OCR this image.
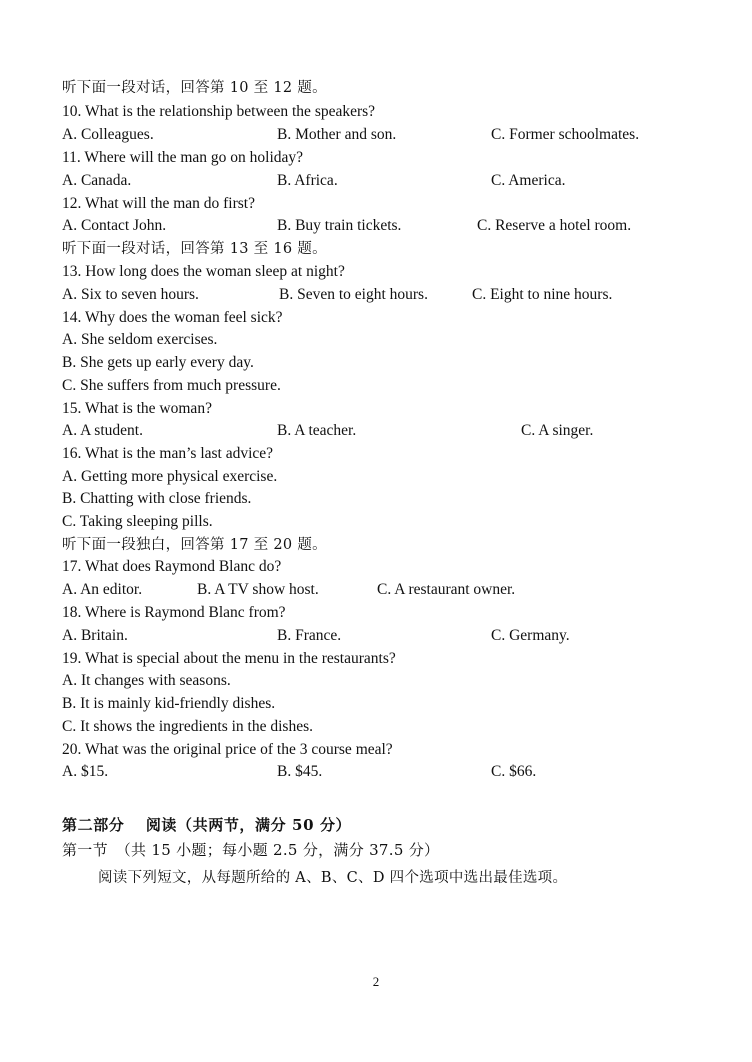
听下面一段对话，回答第 10 至 12 题。
10. What is the relationship between the speakers?
A. Colleagues.	B. Mother and son.	C. Former schoolmates.
11. Where will the man go on holiday?
A. Canada.	B. Africa.	C. America.
12. What will the man do first?
A. Contact John.	B. Buy train tickets.	C. Reserve a hotel room.
听下面一段对话，回答第 13 至 16 题。
13. How long does the woman sleep at night?
A. Six to seven hours.	B. Seven to eight hours.	C. Eight to nine hours.
14. Why does the woman feel sick?
A. She seldom exercises.
B. She gets up early every day.
C. She suffers from much pressure.
15. What is the woman?
A. A student.	B. A teacher.	C. A singer.
16. What is the man’s last advice?
A. Getting more physical exercise.
B. Chatting with close friends.
C. Taking sleeping pills.
听下面一段独白，回答第 17 至 20 题。
17. What does Raymond Blanc do?
A. An editor.	B. A TV show host.	C. A restaurant owner.
18. Where is Raymond Blanc from?
A. Britain.	B. France.	C. Germany.
19. What is special about the menu in the restaurants?
A. It changes with seasons.
B. It is mainly kid-friendly dishes.
C. It shows the ingredients in the dishes.
20. What was the original price of the 3 course meal?
A. $15.	B. $45.	C. $66.
第二部分　 阅读（共两节，满分 50 分）
第一节　（共 15 小题；每小题 2.5 分，满分 37.5 分）
阅读下列短文，从每题所给的 A、B、C、D 四个选项中选出最佳选项。
2
